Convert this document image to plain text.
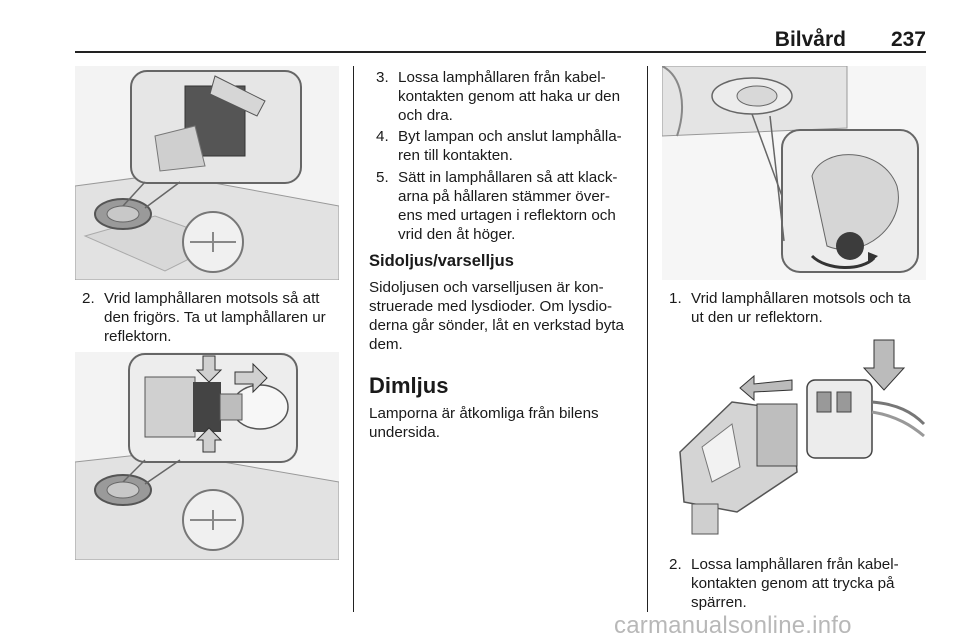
Bilvård 237
2. Vrid lamphållaren motsols så att
den frigörs. Ta ut lamphållaren ur
reflektorn.
3. Lossa lamphållaren från kabel-
kontakten genom att haka ur den
och dra.
4. Byt lampan och anslut lamphålla-
ren till kontakten.
5. Sätt in lamphållaren så att klack-
arna på hållaren stämmer över-
ens med urtagen i reflektorn och
vrid den åt höger.
Sidoljus/varselljus
Sidoljusen och varselljusen är kon-
struerade med lysdioder. Om lysdio-
derna går sönder, låt en verkstad byta
dem.
Dimljus
Lamporna är åtkomliga från bilens
undersida.
1. Vrid lamphållaren motsols och ta
ut den ur reflektorn.
2. Lossa lamphållaren från kabel-
kontakten genom att trycka på
spärren.
carmanualsonline.info
